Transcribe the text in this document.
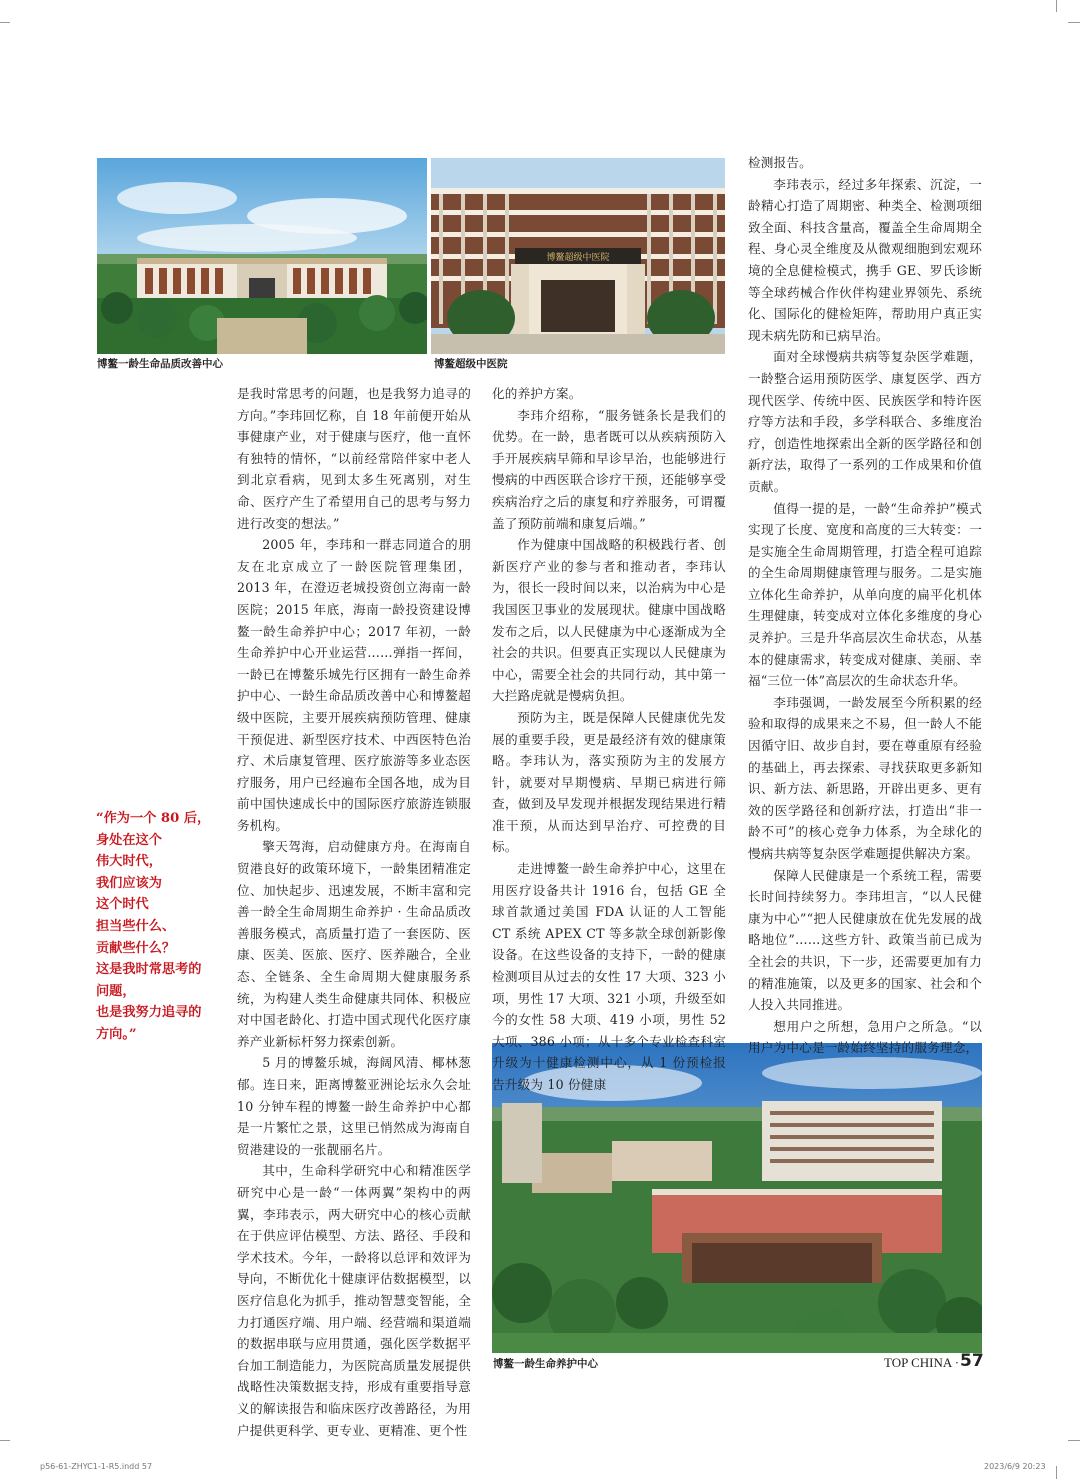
博鳌一龄生命品质改善中心
博鳌超级中医院
博鳌超级中医院
博鳌一龄生命养护中心
“作为一个 80 后，
身处在这个
伟大时代，
我们应该为
这个时代
担当些什么、
贡献些什么？
这是我时常思考的
问题，
也是我努力追寻的
方向。”

是我时常思考的问题，也是我努力追寻的方向。”李玮回忆称，自 18 年前便开始从事健康产业，对于健康与医疗，他一直怀有独特的情怀，“以前经常陪伴家中老人到北京看病，见到太多生死离别，对生命、医疗产生了希望用自己的思考与努力进行改变的想法。”

2005 年，李玮和一群志同道合的朋友在北京成立了一龄医院管理集团，2013 年，在澄迈老城投资创立海南一龄医院；2015 年底，海南一龄投资建设博鳌一龄生命养护中心；2017 年初，一龄生命养护中心开业运营……弹指一挥间，一龄已在博鳌乐城先行区拥有一龄生命养护中心、一龄生命品质改善中心和博鳌超级中医院，主要开展疾病预防管理、健康干预促进、新型医疗技术、中西医特色治疗、术后康复管理、医疗旅游等多业态医疗服务，用户已经遍布全国各地，成为目前中国快速成长中的国际医疗旅游连锁服务机构。

擎天驾海，启动健康方舟。在海南自贸港良好的政策环境下，一龄集团精准定位、加快起步、迅速发展，不断丰富和完善一龄全生命周期生命养护 · 生命品质改善服务模式，高质量打造了一套医防、医康、医美、医旅、医疗、医养融合，全业态、全链条、全生命周期大健康服务系统，为构建人类生命健康共同体、积极应对中国老龄化、打造中国式现代化医疗康养产业新标杆努力探索创新。

5 月的博鳌乐城，海阔风清、椰林葱郁。连日来，距离博鳌亚洲论坛永久会址 10 分钟车程的博鳌一龄生命养护中心都是一片繁忙之景，这里已悄然成为海南自贸港建设的一张靓丽名片。

其中，生命科学研究中心和精准医学研究中心是一龄“一体两翼”架构中的两翼，李玮表示，两大研究中心的核心贡献在于供应评估模型、方法、路径、手段和学术技术。今年，一龄将以总评和效评为导向，不断优化十健康评估数据模型，以医疗信息化为抓手，推动智慧变智能，全力打通医疗端、用户端、经营端和渠道端的数据串联与应用贯通，强化医学数据平台加工制造能力，为医院高质量发展提供战略性决策数据支持，形成有重要指导意义的解读报告和临床医疗改善路径，为用户提供更科学、更专业、更精准、更个性

化的养护方案。

李玮介绍称，“服务链条长是我们的优势。在一龄，患者既可以从疾病预防入手开展疾病早筛和早诊早治，也能够进行慢病的中西医联合诊疗干预，还能够享受疾病治疗之后的康复和疗养服务，可谓覆盖了预防前端和康复后端。”

作为健康中国战略的积极践行者、创新医疗产业的参与者和推动者，李玮认为，很长一段时间以来，以治病为中心是我国医卫事业的发展现状。健康中国战略发布之后，以人民健康为中心逐渐成为全社会的共识。但要真正实现以人民健康为中心，需要全社会的共同行动，其中第一大拦路虎就是慢病负担。

预防为主，既是保障人民健康优先发展的重要手段，更是最经济有效的健康策略。李玮认为，落实预防为主的发展方针，就要对早期慢病、早期已病进行筛查，做到及早发现并根据发现结果进行精准干预，从而达到早治疗、可控费的目标。

走进博鳌一龄生命养护中心，这里在用医疗设备共计 1916 台，包括 GE 全球首款通过美国 FDA 认证的人工智能 CT 系统 APEX CT 等多款全球创新影像设备。在这些设备的支持下，一龄的健康检测项目从过去的女性 17 大项、323 小项，男性 17 大项、321 小项，升级至如今的女性 58 大项、419 小项，男性 52 大项、386 小项；从十多个专业检查科室升级为十健康检测中心，从 1 份预检报告升级为 10 份健康

检测报告。

李玮表示，经过多年探索、沉淀，一龄精心打造了周期密、种类全、检测项细致全面、科技含量高，覆盖全生命周期全程、身心灵全维度及从微观细胞到宏观环境的全息健检模式，携手 GE、罗氏诊断等全球药械合作伙伴构建业界领先、系统化、国际化的健检矩阵，帮助用户真正实现未病先防和已病早治。

面对全球慢病共病等复杂医学难题，一龄整合运用预防医学、康复医学、西方现代医学、传统中医、民族医学和特许医疗等方法和手段，多学科联合、多维度治疗，创造性地探索出全新的医学路径和创新疗法，取得了一系列的工作成果和价值贡献。

值得一提的是，一龄“生命养护”模式实现了长度、宽度和高度的三大转变：一是实施全生命周期管理，打造全程可追踪的全生命周期健康管理与服务。二是实施立体化生命养护，从单向度的扁平化机体生理健康，转变成对立体化多维度的身心灵养护。三是升华高层次生命状态，从基本的健康需求，转变成对健康、美丽、幸福“三位一体”高层次的生命状态升华。

李玮强调，一龄发展至今所积累的经验和取得的成果来之不易，但一龄人不能因循守旧、故步自封，要在尊重原有经验的基础上，再去探索、寻找获取更多新知识、新方法、新思路，开辟出更多、更有效的医学路径和创新疗法，打造出“非一龄不可”的核心竞争力体系，为全球化的慢病共病等复杂医学难题提供解决方案。

保障人民健康是一个系统工程，需要长时间持续努力。李玮坦言，“以人民健康为中心”“把人民健康放在优先发展的战略地位”……这些方针、政策当前已成为全社会的共识，下一步，还需要更加有力的精准施策，以及更多的国家、社会和个人投入共同推进。

想用户之所想，急用户之所急。“以用户为中心是一龄始终坚持的服务理念，

TOP CHINA · 57
p56-61-ZHYC1-1-R5.indd 57	2023/6/9 20:23
